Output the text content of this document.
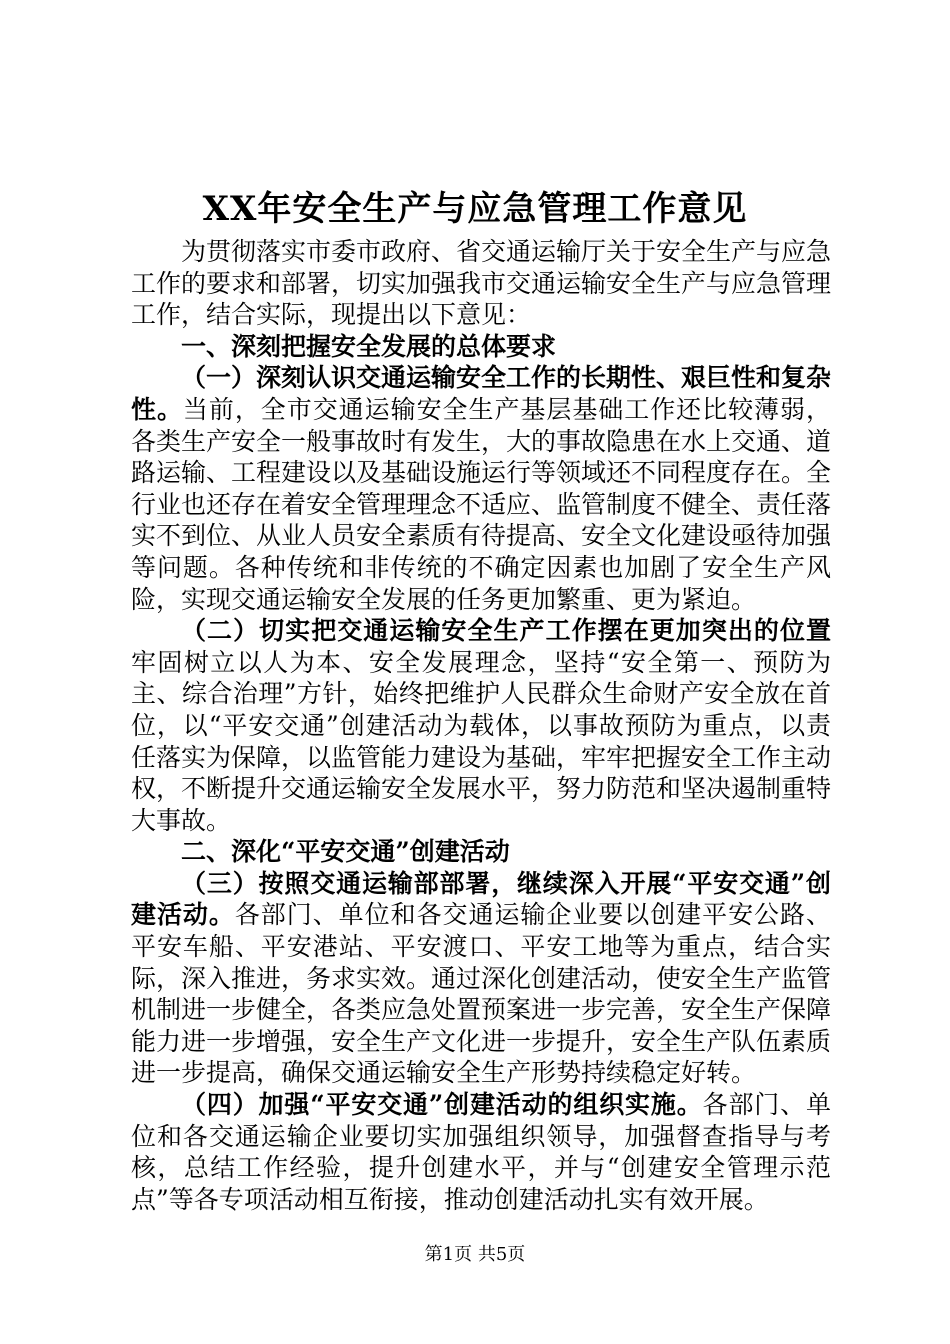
XX年安全生产与应急管理工作意见

为贯彻落实市委市政府、省交通运输厅关于安全生产与应急工作的要求和部署，切实加强我市交通运输安全生产与应急管理工作，结合实际，现提出以下意见：

一、深刻把握安全发展的总体要求

（一）深刻认识交通运输安全工作的长期性、艰巨性和复杂性。当前，全市交通运输安全生产基层基础工作还比较薄弱，各类生产安全一般事故时有发生，大的事故隐患在水上交通、道路运输、工程建设以及基础设施运行等领域还不同程度存在。全行业也还存在着安全管理理念不适应、监管制度不健全、责任落实不到位、从业人员安全素质有待提高、安全文化建设亟待加强等问题。各种传统和非传统的不确定因素也加剧了安全生产风险，实现交通运输安全发展的任务更加繁重、更为紧迫。

（二）切实把交通运输安全生产工作摆在更加突出的位置牢固树立以人为本、安全发展理念，坚持“安全第一、预防为主、综合治理”方针，始终把维护人民群众生命财产安全放在首位，以“平安交通”创建活动为载体，以事故预防为重点，以责任落实为保障，以监管能力建设为基础，牢牢把握安全工作主动权，不断提升交通运输安全发展水平，努力防范和坚决遏制重特大事故。

二、深化“平安交通”创建活动

（三）按照交通运输部部署，继续深入开展“平安交通”创建活动。各部门、单位和各交通运输企业要以创建平安公路、平安车船、平安港站、平安渡口、平安工地等为重点，结合实际，深入推进，务求实效。通过深化创建活动，使安全生产监管机制进一步健全，各类应急处置预案进一步完善，安全生产保障能力进一步增强，安全生产文化进一步提升，安全生产队伍素质进一步提高，确保交通运输安全生产形势持续稳定好转。

（四）加强“平安交通”创建活动的组织实施。各部门、单位和各交通运输企业要切实加强组织领导，加强督查指导与考核，总结工作经验，提升创建水平，并与“创建安全管理示范点”等各专项活动相互衔接，推动创建活动扎实有效开展。

第1页 共5页
